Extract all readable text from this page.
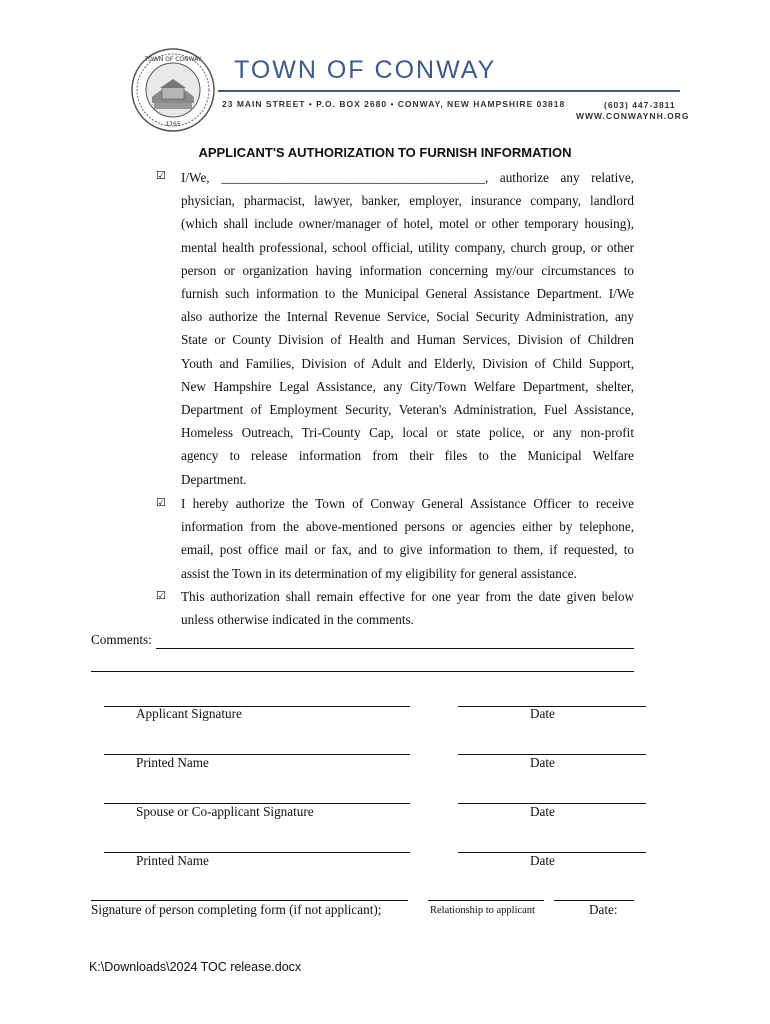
TOWN OF CONWAY
1765
TOWN OF CONWAY
23 MAIN STREET • P.O. BOX 2680 • CONWAY, NEW HAMPSHIRE 03818	(603) 447-3811
WWW.CONWAYNH.ORG
APPLICANT'S AUTHORIZATION TO FURNISH INFORMATION
☑	I/We, ________________________________________, authorize any relative,
physician, pharmacist, lawyer, banker, employer, insurance company, landlord
(which shall include owner/manager of hotel, motel or other temporary housing),
mental health professional, school official, utility company, church group, or other
person or organization having information concerning my/our circumstances to
furnish such information to the Municipal General Assistance Department. I/We
also authorize the Internal Revenue Service, Social Security Administration, any
State or County Division of Health and Human Services, Division of Children
Youth and Families, Division of Adult and Elderly, Division of Child Support,
New Hampshire Legal Assistance, any City/Town Welfare Department, shelter,
Department of Employment Security, Veteran's Administration, Fuel Assistance,
Homeless Outreach, Tri-County Cap, local or state police, or any non-profit
agency to release information from their files to the Municipal Welfare
Department.
☑	I hereby authorize the Town of Conway General Assistance Officer to receive
information from the above-mentioned persons or agencies either by telephone,
email, post office mail or fax, and to give information to them, if requested, to
assist the Town in its determination of my eligibility for general assistance.
☑	This authorization shall remain effective for one year from the date given below
unless otherwise indicated in the comments.
Comments:
Applicant Signature	Date
Printed Name	Date
Spouse or Co-applicant Signature	Date
Printed Name	Date
Signature of person completing form (if not applicant);	Relationship to applicant	Date:
K:\Downloads\2024 TOC release.docx
